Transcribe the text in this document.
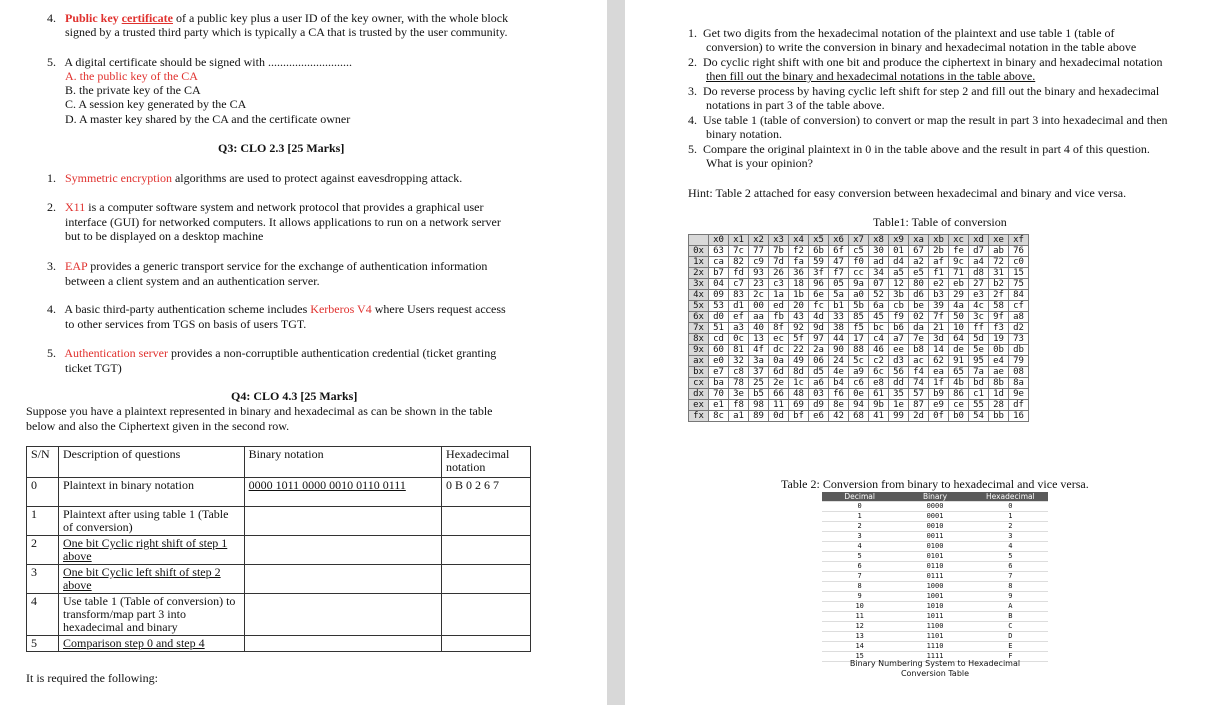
4. Public key certificate of a public key plus a user ID of the key owner, with the whole block
signed by a trusted third party which is typically a CA that is trusted by the user community.
5. A digital certificate should be signed with ............................
A. the public key of the CA
B. the private key of the CA
C. A session key generated by the CA
D. A master key shared by the CA and the certificate owner
Q3: CLO 2.3 [25 Marks]
1. Symmetric encryption algorithms are used to protect against eavesdropping attack.
2. X11 is a computer software system and network protocol that provides a graphical user
interface (GUI) for networked computers. It allows applications to run on a network server
but to be displayed on a desktop machine
3. EAP provides a generic transport service for the exchange of authentication information
between a client system and an authentication server.
4. A basic third-party authentication scheme includes Kerberos V4 where Users request access
to other services from TGS on basis of users TGT.
5. Authentication server provides a non-corruptible authentication credential (ticket granting
ticket TGT)
Q4: CLO 4.3 [25 Marks]
Suppose you have a plaintext represented in binary and hexadecimal as can be shown in the table
below and also the Ciphertext given in the second row.
S/N	Description of questions	Binary notation	Hexadecimal notation
0	Plaintext in binary notation	0000 1011 0000 0010 0110 0111	0 B 0 2 6 7
1	Plaintext after using table 1 (Table of conversion)		
2	One bit Cyclic right shift of step 1 above		
3	One bit Cyclic left shift of step 2 above		
4	Use table 1 (Table of conversion) to transform/map part 3 into hexadecimal and binary		
5	Comparison step 0 and step 4		
It is required the following:
1. Get two digits from the hexadecimal notation of the plaintext and use table 1 (table of
conversion) to write the conversion in binary and hexadecimal notation in the table above
2. Do cyclic right shift with one bit and produce the ciphertext in binary and hexadecimal notation
then fill out the binary and hexadecimal notations in the table above.
3. Do reverse process by having cyclic left shift for step 2 and fill out the binary and hexadecimal
notations in part 3 of the table above.
4. Use table 1 (table of conversion) to convert or map the result in part 3 into hexadecimal and then
binary notation.
5. Compare the original plaintext in 0 in the table above and the result in part 4 of this question.
What is your opinion?
Hint: Table 2 attached for easy conversion between hexadecimal and binary and vice versa.
Table1: Table of conversion
	x0	x1	x2	x3	x4	x5	x6	x7	x8	x9	xa	xb	xc	xd	xe	xf
0x	63	7c	77	7b	f2	6b	6f	c5	30	01	67	2b	fe	d7	ab	76
1x	ca	82	c9	7d	fa	59	47	f0	ad	d4	a2	af	9c	a4	72	c0
2x	b7	fd	93	26	36	3f	f7	cc	34	a5	e5	f1	71	d8	31	15
3x	04	c7	23	c3	18	96	05	9a	07	12	80	e2	eb	27	b2	75
4x	09	83	2c	1a	1b	6e	5a	a0	52	3b	d6	b3	29	e3	2f	84
5x	53	d1	00	ed	20	fc	b1	5b	6a	cb	be	39	4a	4c	58	cf
6x	d0	ef	aa	fb	43	4d	33	85	45	f9	02	7f	50	3c	9f	a8
7x	51	a3	40	8f	92	9d	38	f5	bc	b6	da	21	10	ff	f3	d2
8x	cd	0c	13	ec	5f	97	44	17	c4	a7	7e	3d	64	5d	19	73
9x	60	81	4f	dc	22	2a	90	88	46	ee	b8	14	de	5e	0b	db
ax	e0	32	3a	0a	49	06	24	5c	c2	d3	ac	62	91	95	e4	79
bx	e7	c8	37	6d	8d	d5	4e	a9	6c	56	f4	ea	65	7a	ae	08
cx	ba	78	25	2e	1c	a6	b4	c6	e8	dd	74	1f	4b	bd	8b	8a
dx	70	3e	b5	66	48	03	f6	0e	61	35	57	b9	86	c1	1d	9e
ex	e1	f8	98	11	69	d9	8e	94	9b	1e	87	e9	ce	55	28	df
fx	8c	a1	89	0d	bf	e6	42	68	41	99	2d	0f	b0	54	bb	16
Table 2: Conversion from binary to hexadecimal and vice versa.
Decimal	Binary	Hexadecimal
0	0000	0
1	0001	1
2	0010	2
3	0011	3
4	0100	4
5	0101	5
6	0110	6
7	0111	7
8	1000	8
9	1001	9
10	1010	A
11	1011	B
12	1100	C
13	1101	D
14	1110	E
15	1111	F
Binary Numbering System to Hexadecimal
Conversion Table
